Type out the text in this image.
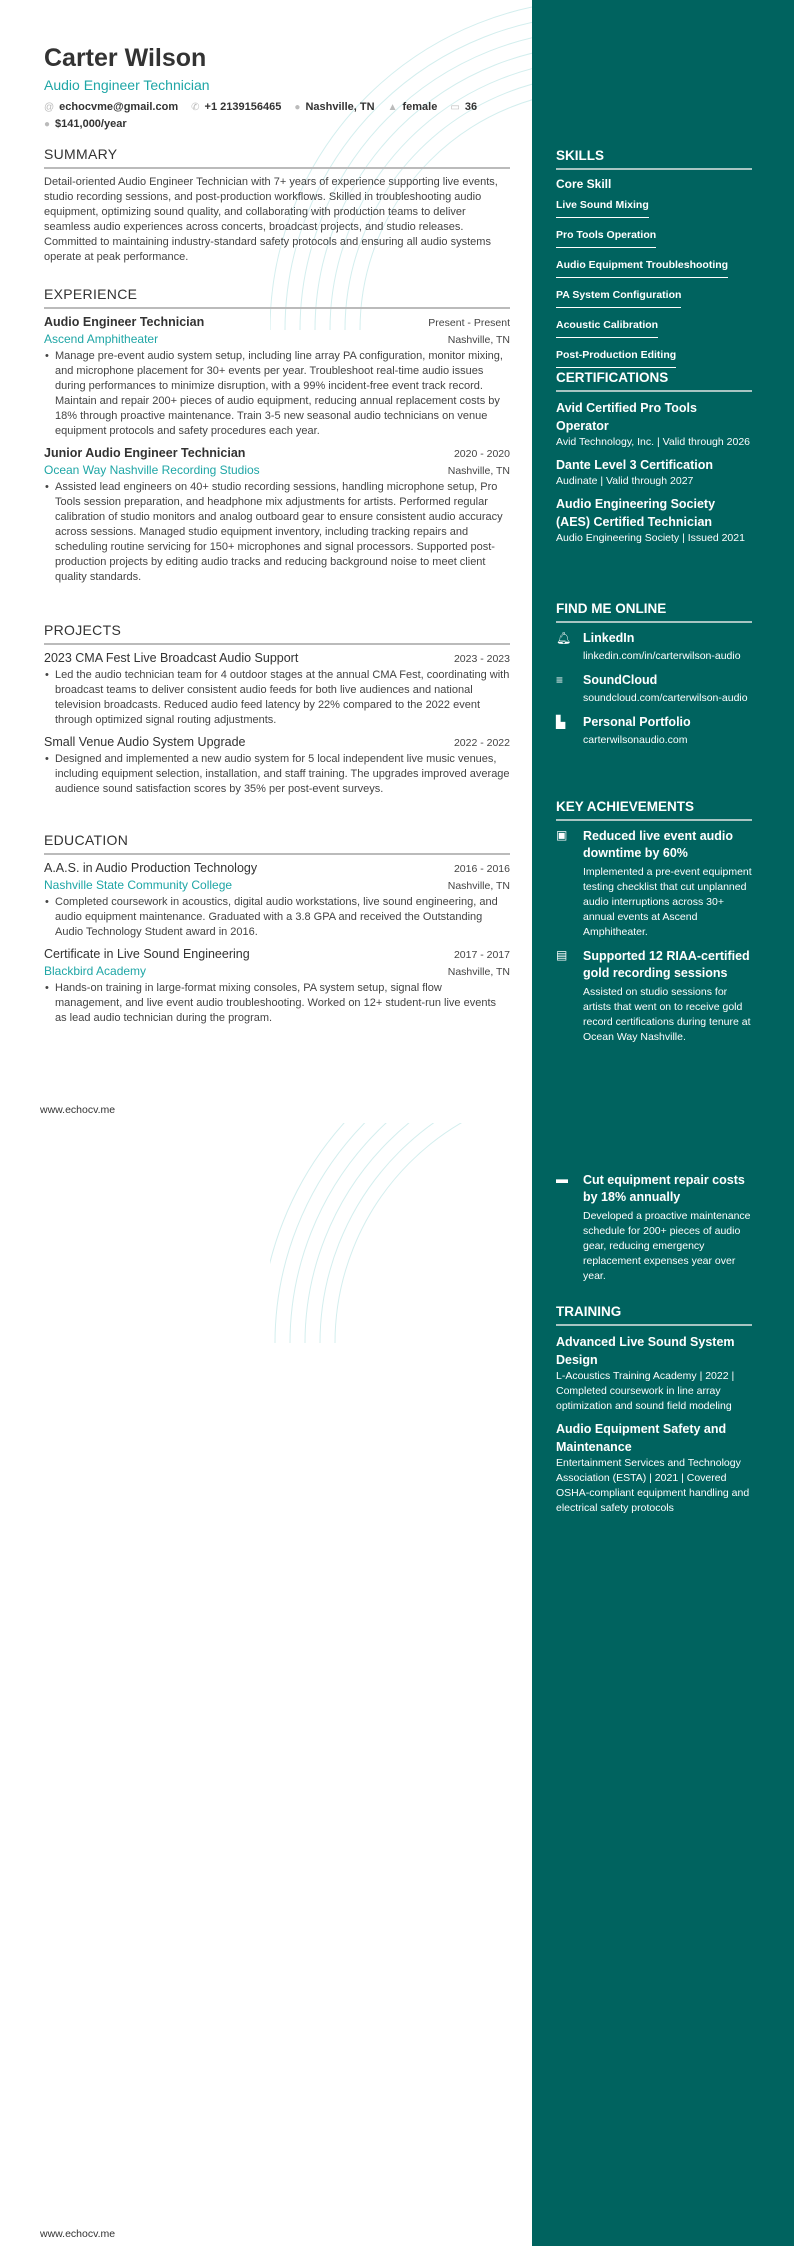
Carter Wilson
Audio Engineer Technician
@ echocvme@gmail.com ✆ +1 2139156465 ● Nashville, TN ▲ female ▭ 36
● $141,000/year
SUMMARY
Detail-oriented Audio Engineer Technician with 7+ years of experience supporting live events, studio recording sessions, and post-production workflows. Skilled in troubleshooting audio equipment, optimizing sound quality, and collaborating with production teams to deliver seamless audio experiences across concerts, broadcast projects, and studio releases. Committed to maintaining industry-standard safety protocols and ensuring all audio systems operate at peak performance.
EXPERIENCE
Audio Engineer Technician	Present - Present
Ascend Amphitheater	Nashville, TN
• Manage pre-event audio system setup, including line array PA configuration, monitor mixing, and microphone placement for 30+ events per year. Troubleshoot real-time audio issues during performances to minimize disruption, with a 99% incident-free event track record. Maintain and repair 200+ pieces of audio equipment, reducing annual replacement costs by 18% through proactive maintenance. Train 3-5 new seasonal audio technicians on venue equipment protocols and safety procedures each year.
Junior Audio Engineer Technician	2020 - 2020
Ocean Way Nashville Recording Studios	Nashville, TN
• Assisted lead engineers on 40+ studio recording sessions, handling microphone setup, Pro Tools session preparation, and headphone mix adjustments for artists. Performed regular calibration of studio monitors and analog outboard gear to ensure consistent audio accuracy across sessions. Managed studio equipment inventory, including tracking repairs and scheduling routine servicing for 150+ microphones and signal processors. Supported post-production projects by editing audio tracks and reducing background noise to meet client quality standards.
PROJECTS
2023 CMA Fest Live Broadcast Audio Support	2023 - 2023
• Led the audio technician team for 4 outdoor stages at the annual CMA Fest, coordinating with broadcast teams to deliver consistent audio feeds for both live audiences and national television broadcasts. Reduced audio feed latency by 22% compared to the 2022 event through optimized signal routing adjustments.
Small Venue Audio System Upgrade	2022 - 2022
• Designed and implemented a new audio system for 5 local independent live music venues, including equipment selection, installation, and staff training. The upgrades improved average audience sound satisfaction scores by 35% per post-event surveys.
EDUCATION
A.A.S. in Audio Production Technology	2016 - 2016
Nashville State Community College	Nashville, TN
• Completed coursework in acoustics, digital audio workstations, live sound engineering, and audio equipment maintenance. Graduated with a 3.8 GPA and received the Outstanding Audio Technology Student award in 2016.
Certificate in Live Sound Engineering	2017 - 2017
Blackbird Academy	Nashville, TN
• Hands-on training in large-format mixing consoles, PA system setup, signal flow management, and live event audio troubleshooting. Worked on 12+ student-run live events as lead audio technician during the program.
www.echocv.me
www.echocv.me
SKILLS
Core Skill
Live Sound Mixing
Pro Tools Operation
Audio Equipment Troubleshooting
PA System Configuration
Acoustic Calibration
Post-Production Editing
CERTIFICATIONS
Avid Certified Pro Tools Operator
Avid Technology, Inc. | Valid through 2026
Dante Level 3 Certification
Audinate | Valid through 2027
Audio Engineering Society (AES) Certified Technician
Audio Engineering Society | Issued 2021
FIND ME ONLINE
🔔︎ LinkedIn
linkedin.com/in/carterwilson-audio
≡	SoundCloud
soundcloud.com/carterwilson-audio
▙	Personal Portfolio
carterwilsonaudio.com
KEY ACHIEVEMENTS
▣	Reduced live event audio downtime by 60%
Implemented a pre-event equipment testing checklist that cut unplanned audio interruptions across 30+ annual events at Ascend Amphitheater.
▤	Supported 12 RIAA-certified gold recording sessions
Assisted on studio sessions for artists that went on to receive gold record certifications during tenure at Ocean Way Nashville.
▬	Cut equipment repair costs by 18% annually
Developed a proactive maintenance schedule for 200+ pieces of audio gear, reducing emergency replacement expenses year over year.
TRAINING
Advanced Live Sound System Design
L-Acoustics Training Academy | 2022 | Completed coursework in line array optimization and sound field modeling
Audio Equipment Safety and Maintenance
Entertainment Services and Technology Association (ESTA) | 2021 | Covered OSHA-compliant equipment handling and electrical safety protocols
